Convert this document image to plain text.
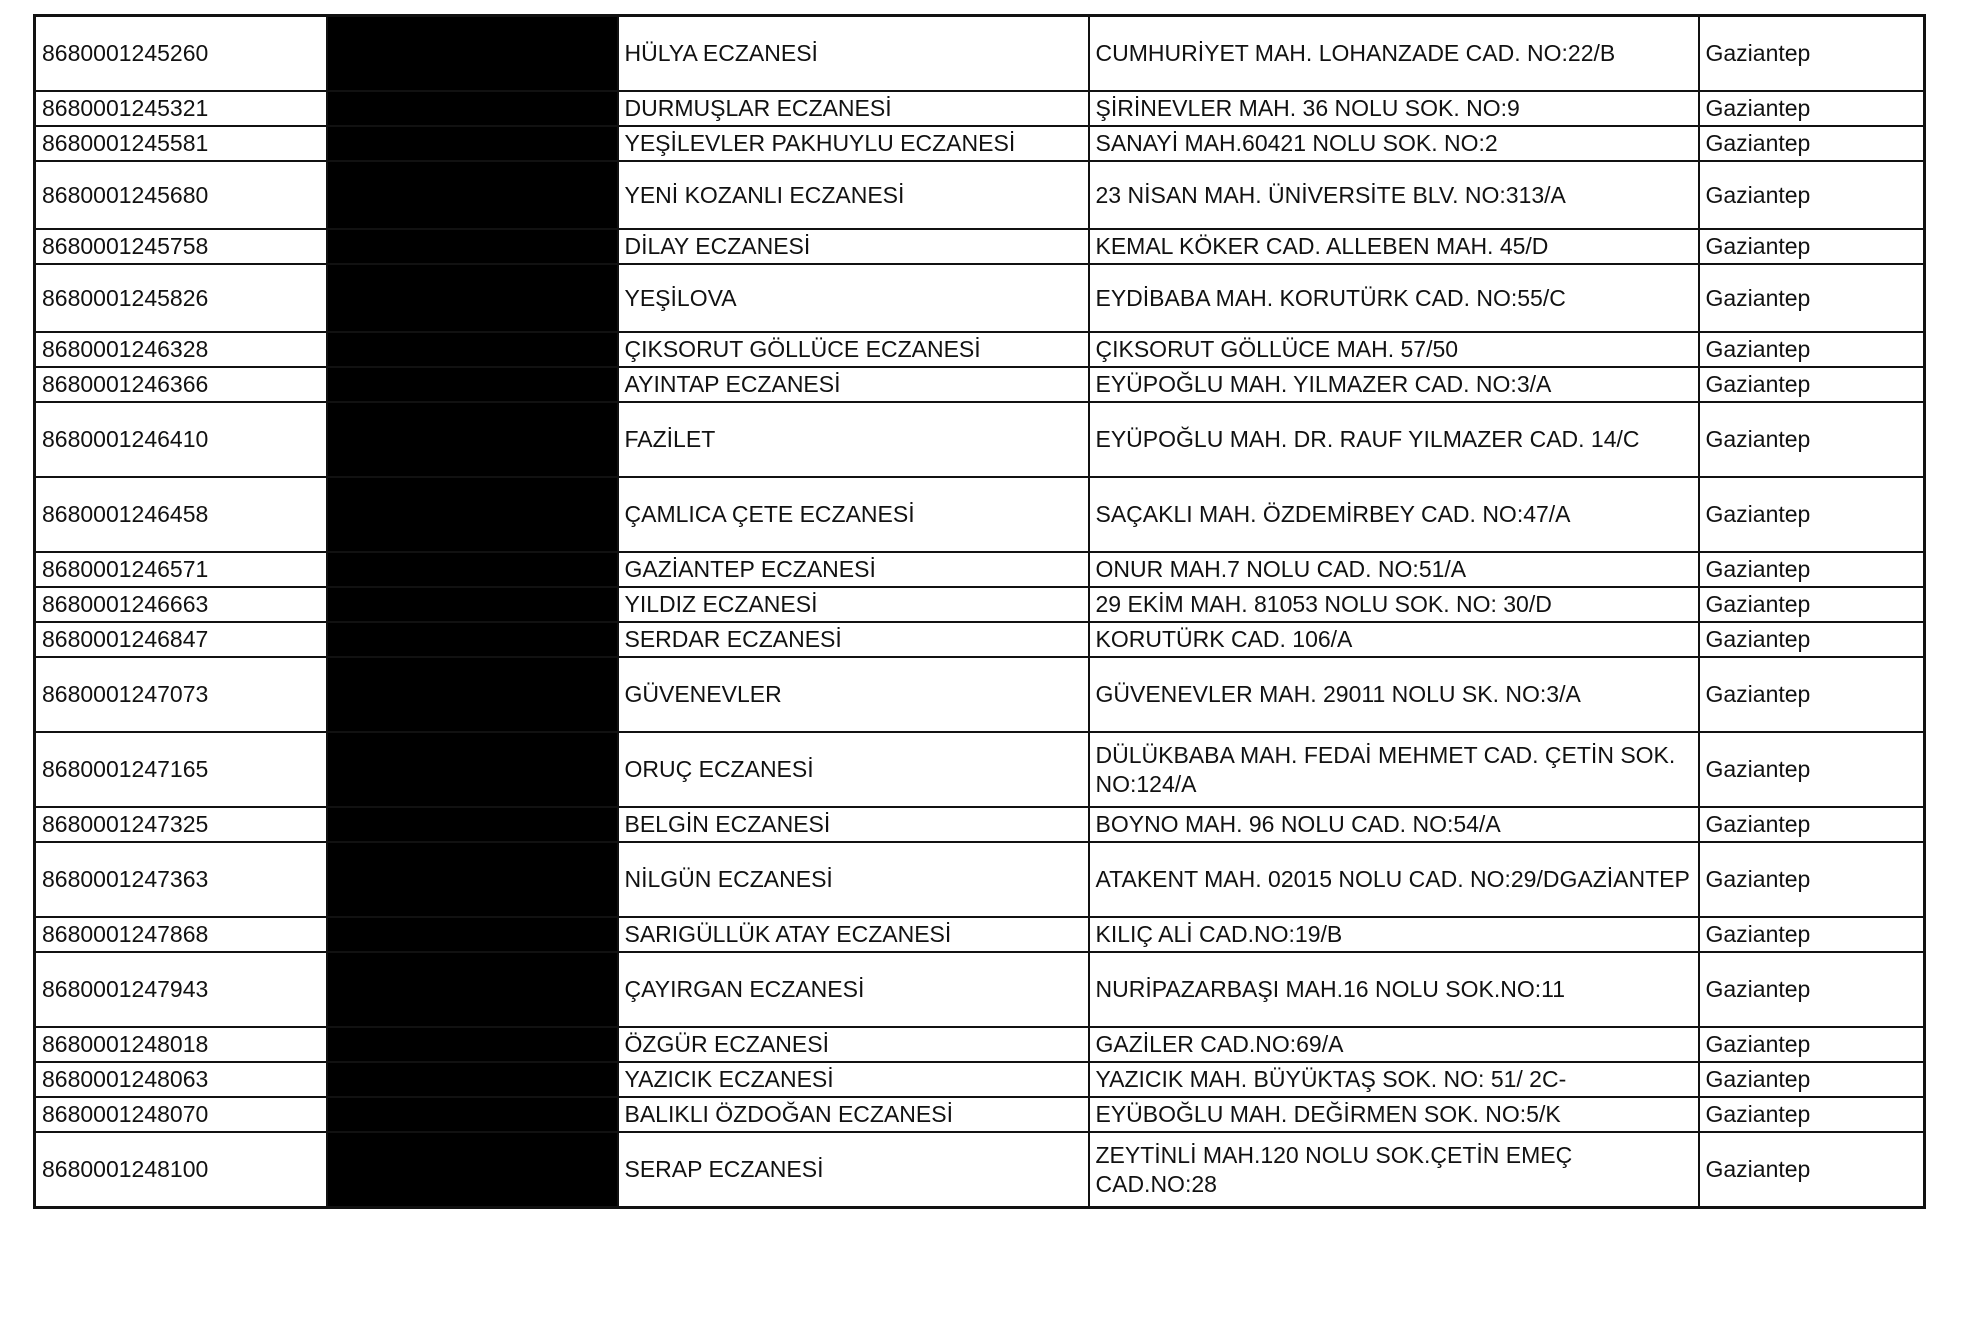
8680001245260		HÜLYA ECZANESİ	CUMHURİYET MAH. LOHANZADE CAD. NO:22/B	Gaziantep
8680001245321		DURMUŞLAR ECZANESİ	ŞİRİNEVLER MAH. 36 NOLU SOK. NO:9	Gaziantep
8680001245581		YEŞİLEVLER PAKHUYLU ECZANESİ	SANAYİ MAH.60421 NOLU SOK. NO:2	Gaziantep
8680001245680		YENİ KOZANLI ECZANESİ	23 NİSAN MAH. ÜNİVERSİTE BLV. NO:313/A	Gaziantep
8680001245758		DİLAY ECZANESİ	KEMAL KÖKER CAD. ALLEBEN MAH. 45/D	Gaziantep
8680001245826		YEŞİLOVA	EYDİBABA MAH. KORUTÜRK CAD. NO:55/C	Gaziantep
8680001246328		ÇIKSORUT GÖLLÜCE ECZANESİ	ÇIKSORUT GÖLLÜCE MAH. 57/50	Gaziantep
8680001246366		AYINTAP ECZANESİ	EYÜPOĞLU MAH. YILMAZER CAD. NO:3/A	Gaziantep
8680001246410		FAZİLET	EYÜPOĞLU MAH. DR. RAUF YILMAZER CAD. 14/C	Gaziantep
8680001246458		ÇAMLICA ÇETE ECZANESİ	SAÇAKLI MAH. ÖZDEMİRBEY CAD. NO:47/A	Gaziantep
8680001246571		GAZİANTEP ECZANESİ	ONUR MAH.7 NOLU CAD. NO:51/A	Gaziantep
8680001246663		YILDIZ ECZANESİ	29 EKİM MAH. 81053 NOLU SOK. NO: 30/D	Gaziantep
8680001246847		SERDAR ECZANESİ	KORUTÜRK CAD. 106/A	Gaziantep
8680001247073		GÜVENEVLER	GÜVENEVLER MAH. 29011 NOLU SK. NO:3/A	Gaziantep
8680001247165		ORUÇ ECZANESİ	DÜLÜKBABA MAH. FEDAİ MEHMET CAD. ÇETİN SOK. NO:124/A	Gaziantep
8680001247325		BELGİN ECZANESİ	BOYNO MAH. 96 NOLU CAD. NO:54/A	Gaziantep
8680001247363		NİLGÜN ECZANESİ	ATAKENT MAH. 02015 NOLU CAD. NO:29/DGAZİANTEP	Gaziantep
8680001247868		SARIGÜLLÜK ATAY ECZANESİ	KILIÇ ALİ CAD.NO:19/B	Gaziantep
8680001247943		ÇAYIRGAN ECZANESİ	NURİPAZARBAŞI MAH.16 NOLU SOK.NO:11	Gaziantep
8680001248018		ÖZGÜR ECZANESİ	GAZİLER CAD.NO:69/A	Gaziantep
8680001248063		YAZICIK ECZANESİ	YAZICIK MAH. BÜYÜKTAŞ SOK. NO: 51/ 2C-	Gaziantep
8680001248070		BALIKLI ÖZDOĞAN ECZANESİ	EYÜBOĞLU MAH. DEĞİRMEN SOK. NO:5/K	Gaziantep
8680001248100		SERAP ECZANESİ	ZEYTİNLİ MAH.120 NOLU SOK.ÇETİN EMEÇ CAD.NO:28	Gaziantep
